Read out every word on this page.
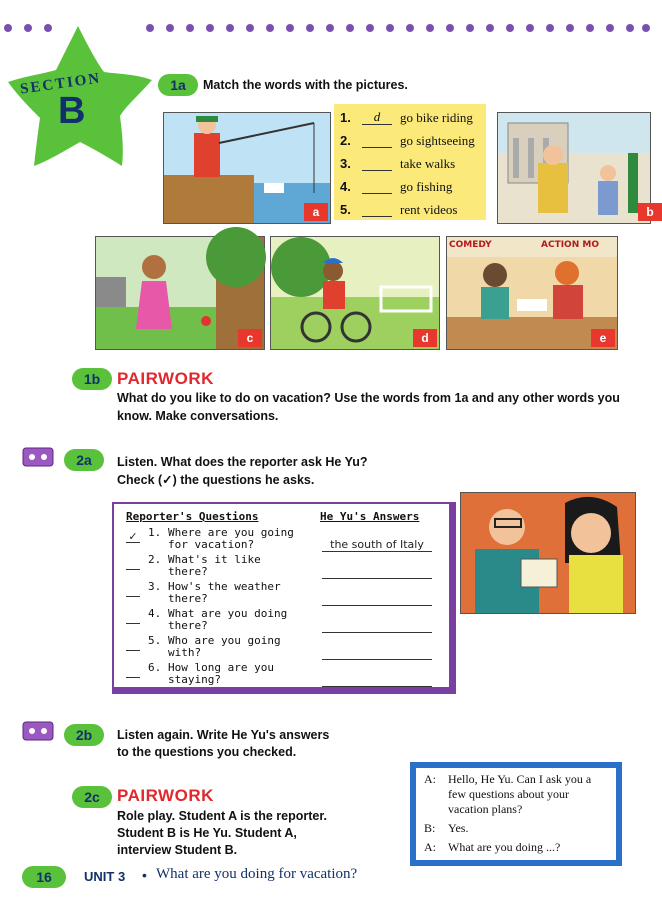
SECTION
B
1a	Match the words with the pictures.
a
1.	d	go bike riding
2.	go sightseeing
3.	take walks
4.	go fishing
5.	rent videos	b
c	d
COMEDY	ACTION MO
e
1b PAIRWORK
What do you like to do on vacation? Use the words from 1a and any other words you know. Make conversations.
2a	Listen. What does the reporter ask He Yu?
Check (✓) the questions he asks.
Reporter's Questions	He Yu's Answers
✓ 1. Where are you going
for vacation?	the south of Italy
2. What's it like
there?
3. How's the weather
there?
4. What are you doing
there?
5. Who are you going
with?
6. How long are you
staying?
2b	Listen again. Write He Yu's answers
to the questions you checked.
2c	PAIRWORK
Role play. Student A is the reporter.
Student B is He Yu. Student A,
interview Student B.
A:	Hello, He Yu. Can I ask you a few questions about your vacation plans?
B:	Yes.
A:	What are you doing ...?
16 UNIT 3 • What are you doing for vacation?
